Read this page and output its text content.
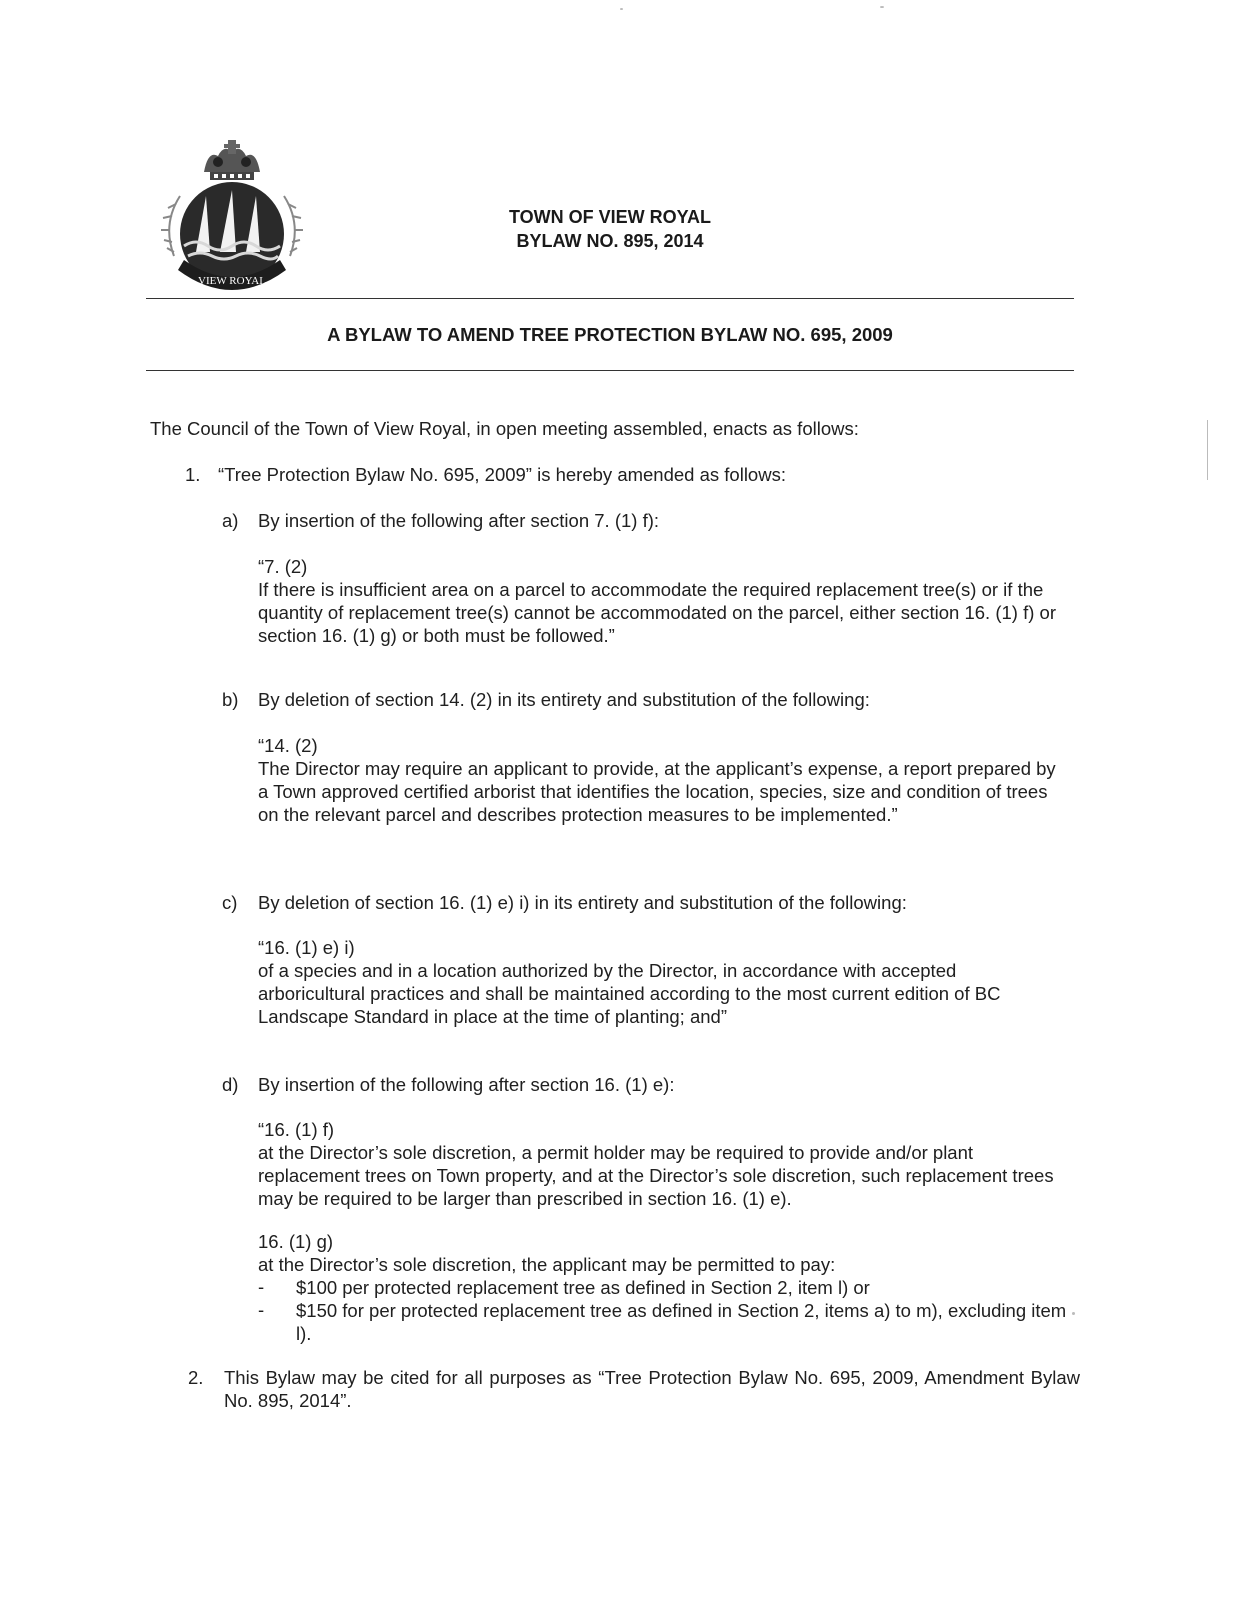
VIEW ROYAL
TOWN OF VIEW ROYAL
BYLAW NO. 895, 2014
A BYLAW TO AMEND TREE PROTECTION BYLAW NO. 695, 2009
The Council of the Town of View Royal, in open meeting assembled, enacts as follows:
1. “Tree Protection Bylaw No. 695, 2009” is hereby amended as follows:
a) By insertion of the following after section 7. (1) f):

“7. (2)

If there is insufficient area on a parcel to accommodate the required replacement tree(s) or if the quantity of replacement tree(s) cannot be accommodated on the parcel, either section 16. (1) f) or section 16. (1) g) or both must be followed.”

b) By deletion of section 14. (2) in its entirety and substitution of the following:

“14. (2)

The Director may require an applicant to provide, at the applicant’s expense, a report prepared by a Town approved certified arborist that identifies the location, species, size and condition of trees on the relevant parcel and describes protection measures to be implemented.”

c) By deletion of section 16. (1) e) i) in its entirety and substitution of the following:

“16. (1) e) i)

of a species and in a location authorized by the Director, in accordance with accepted arboricultural practices and shall be maintained according to the most current edition of BC Landscape Standard in place at the time of planting; and”

d) By insertion of the following after section 16. (1) e):

“16. (1) f)

at the Director’s sole discretion, a permit holder may be required to provide and/or plant replacement trees on Town property, and at the Director’s sole discretion, such replacement trees may be required to be larger than prescribed in section 16. (1) e).

16. (1) g)

at the Director’s sole discretion, the applicant may be permitted to pay:

- $100 per protected replacement tree as defined in Section 2, item l) or
- $150 for per protected replacement tree as defined in Section 2, items a) to m), excluding item l).
2. This Bylaw may be cited for all purposes as “Tree Protection Bylaw No. 695, 2009, Amendment Bylaw No. 895, 2014”.
